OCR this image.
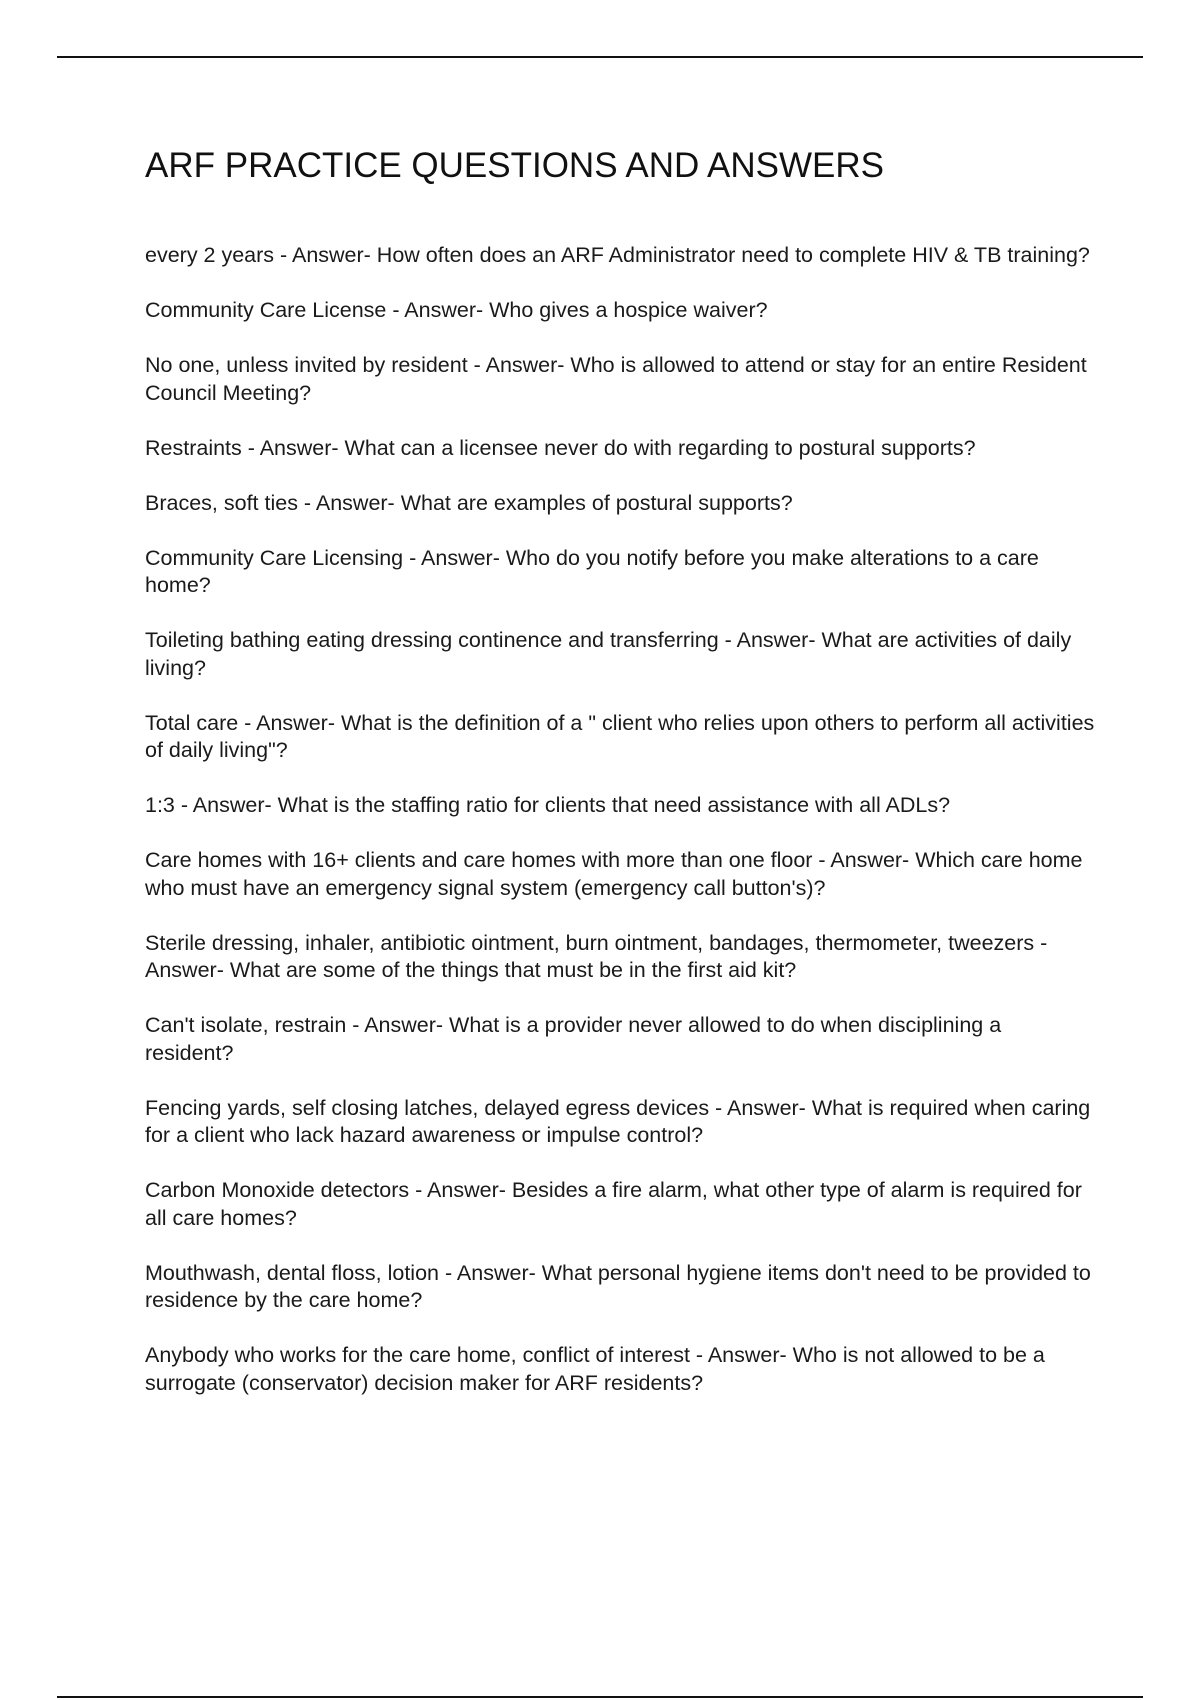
ARF PRACTICE QUESTIONS AND ANSWERS
every 2 years - Answer- How often does an ARF Administrator need to complete HIV & TB training?
Community Care License - Answer- Who gives a hospice waiver?
No one, unless invited by resident - Answer- Who is allowed to attend or stay for an entire Resident Council Meeting?
Restraints - Answer- What can a licensee never do with regarding to postural supports?
Braces, soft ties - Answer- What are examples of postural supports?
Community Care Licensing - Answer- Who do you notify before you make alterations to a care home?
Toileting bathing eating dressing continence and transferring - Answer- What are activities of daily living?
Total care - Answer- What is the definition of a " client who relies upon others to perform all activities of daily living"?
1:3 - Answer- What is the staffing ratio for clients that need assistance with all ADLs?
Care homes with 16+ clients and care homes with more than one floor - Answer- Which care home who must have an emergency signal system (emergency call button's)?
Sterile dressing, inhaler, antibiotic ointment, burn ointment, bandages, thermometer, tweezers - Answer- What are some of the things that must be in the first aid kit?
Can't isolate, restrain - Answer- What is a provider never allowed to do when disciplining a resident?
Fencing yards, self closing latches, delayed egress devices - Answer- What is required when caring for a client who lack hazard awareness or impulse control?
Carbon Monoxide detectors - Answer- Besides a fire alarm, what other type of alarm is required for all care homes?
Mouthwash, dental floss, lotion - Answer- What personal hygiene items don't need to be provided to residence by the care home?
Anybody who works for the care home, conflict of interest - Answer- Who is not allowed to be a surrogate (conservator) decision maker for ARF residents?
